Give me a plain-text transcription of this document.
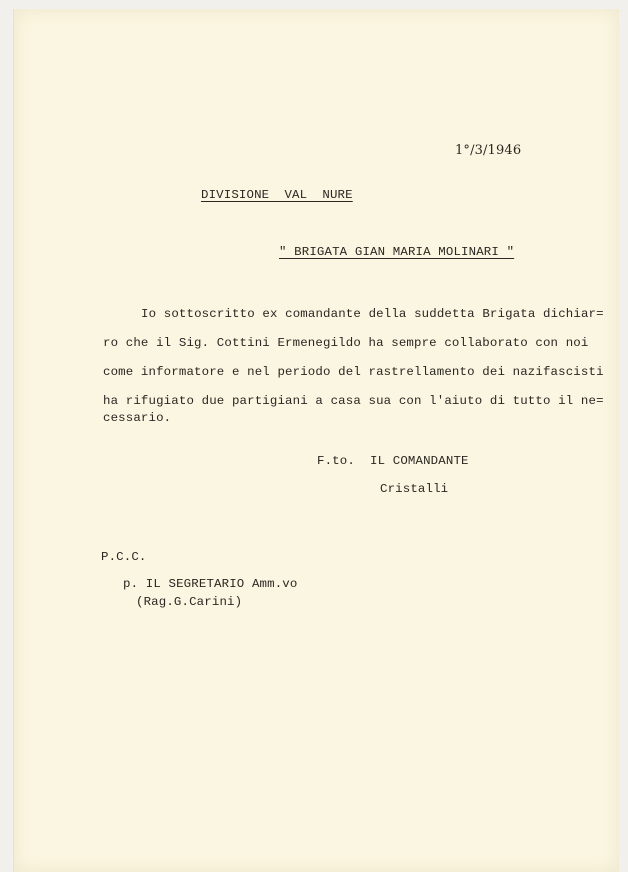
1°/3/1946

DIVISIONE  VAL  NURE

" BRIGATA GIAN MARIA MOLINARI "

Io sottoscritto ex comandante della suddetta Brigata dichiar=

ro che il Sig. Cottini Ermenegildo ha sempre collaborato con noi

come informatore e nel periodo del rastrellamento dei nazifascisti

ha rifugiato due partigiani a casa sua con l'aiuto di tutto il ne=

cessario.

F.to. IL COMANDANTE

Cristalli

P.C.C.

p. IL SEGRETARIO Amm.vo

(Rag.G.Carini)
